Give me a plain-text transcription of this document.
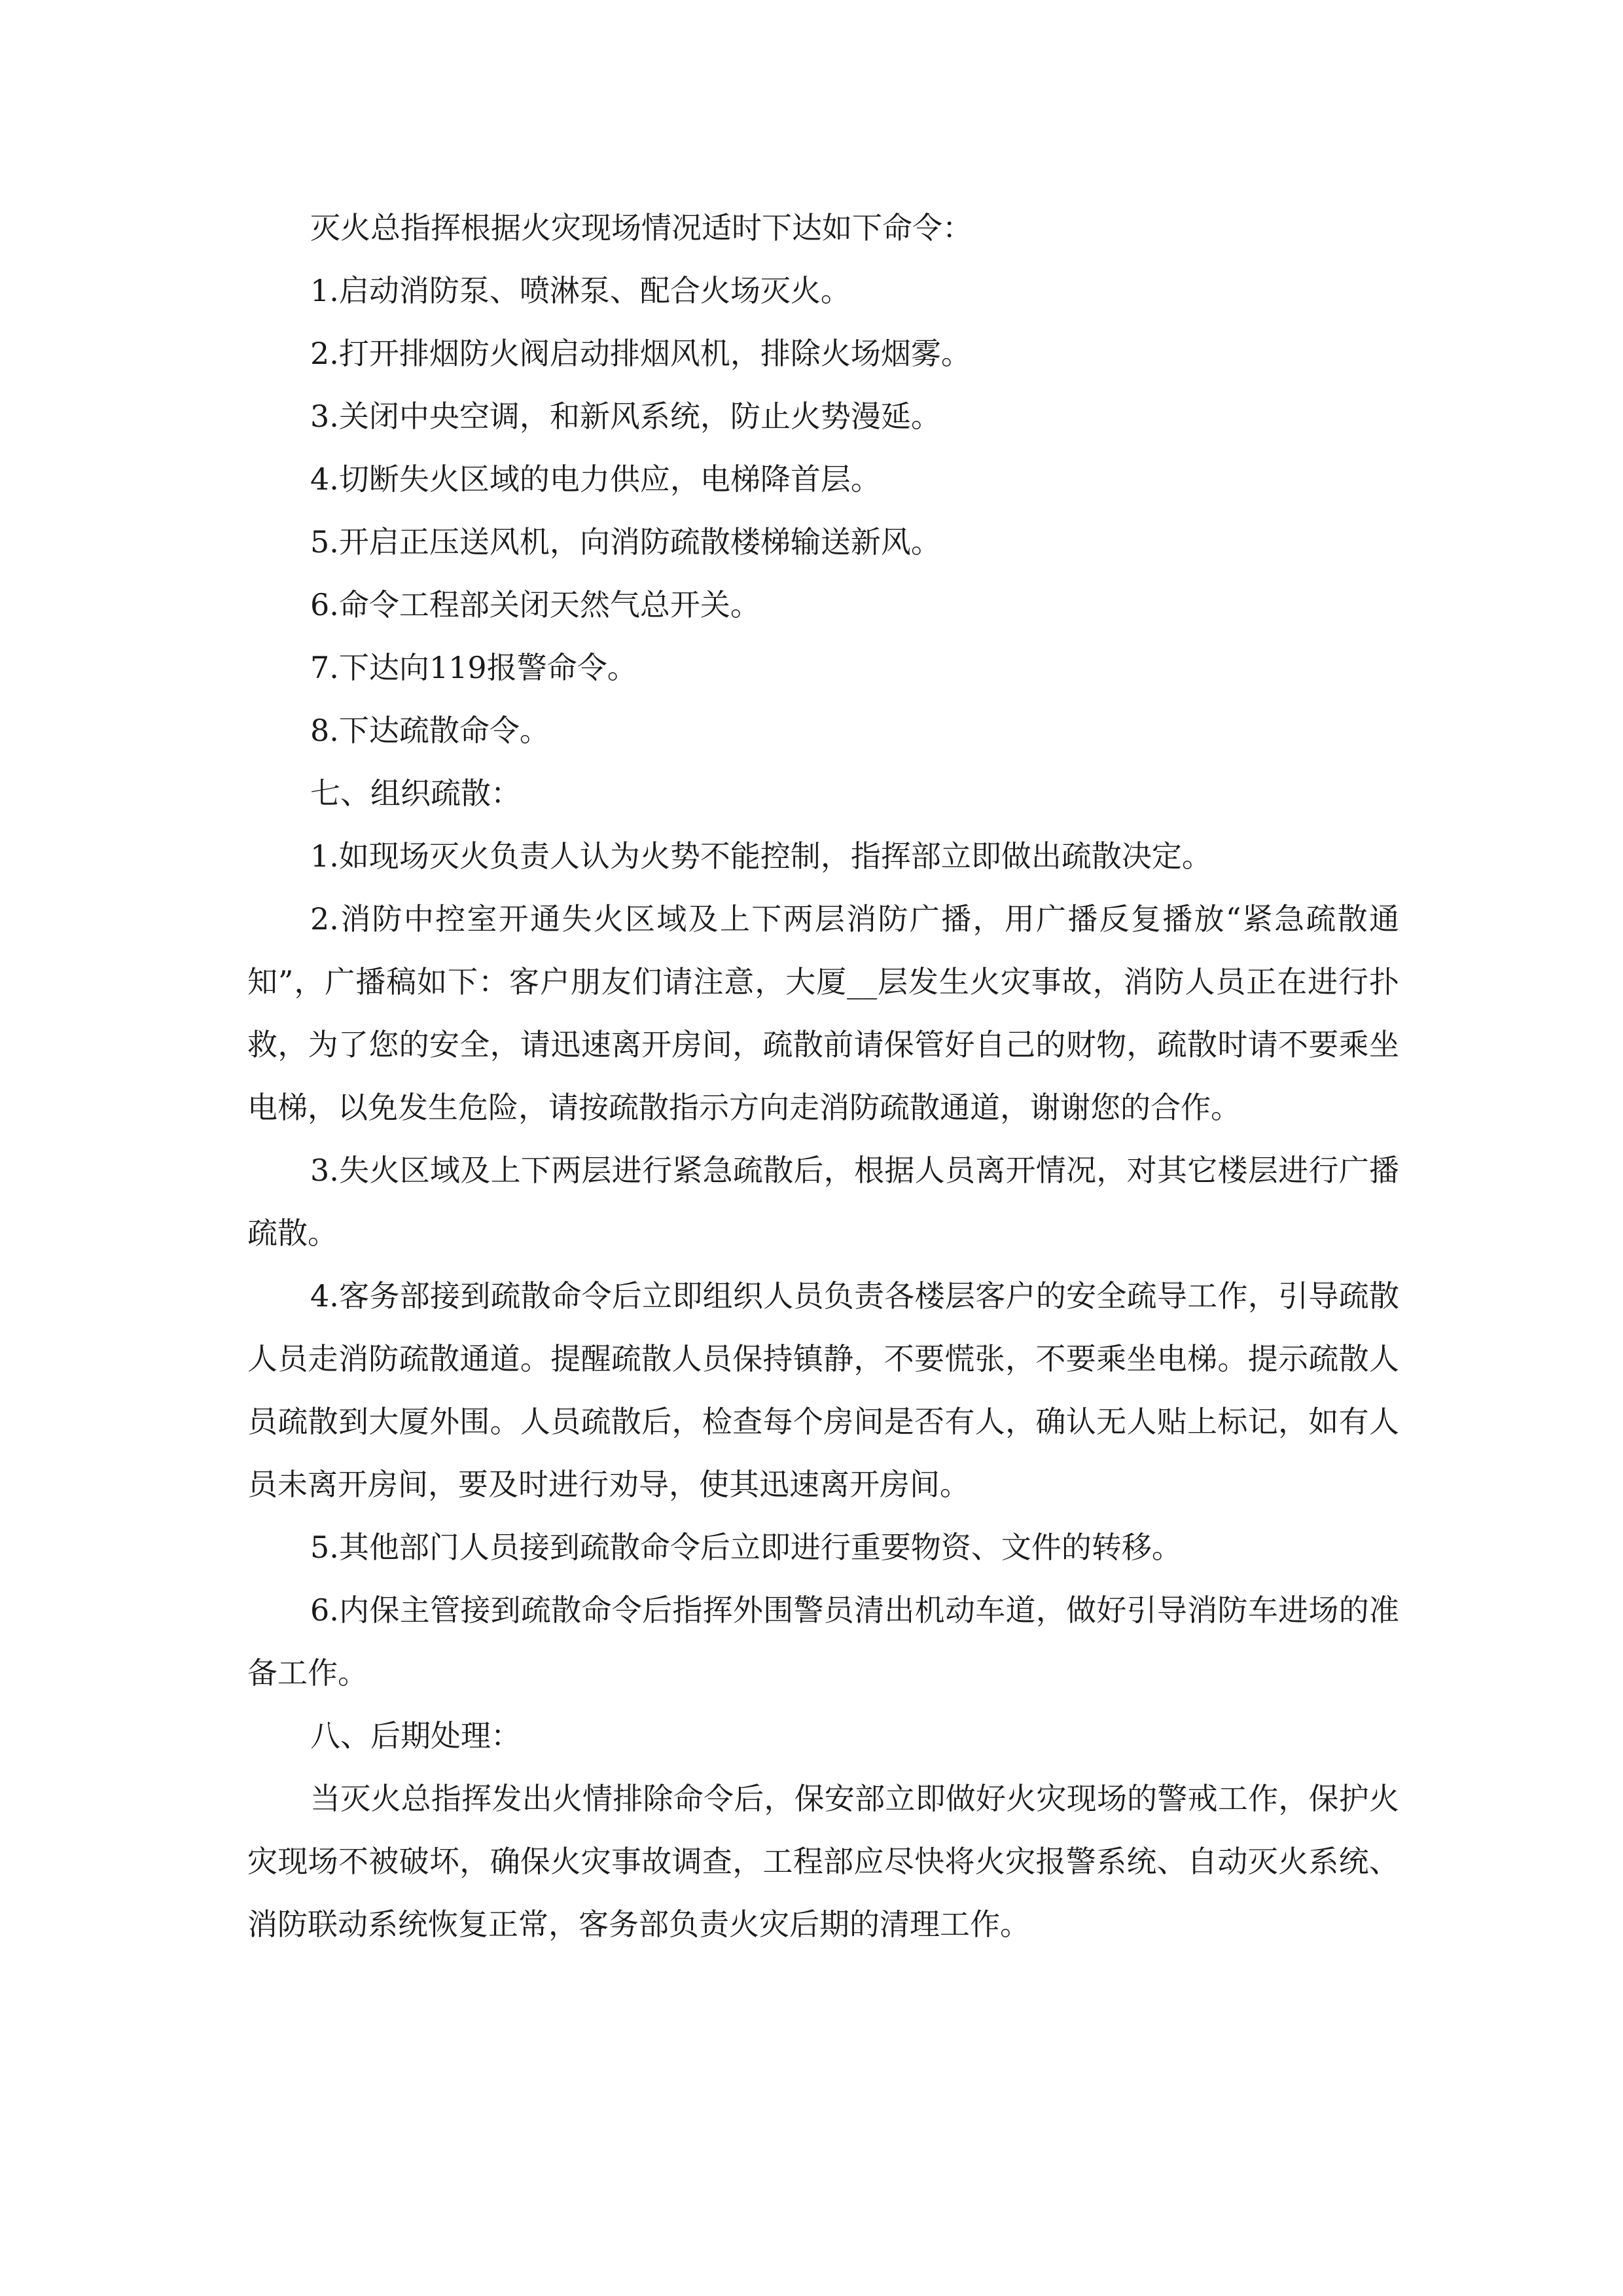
灭火总指挥根据火灾现场情况适时下达如下命令：

1.启动消防泵、喷淋泵、配合火场灭火。

2.打开排烟防火阀启动排烟风机，排除火场烟雾。

3.关闭中央空调，和新风系统，防止火势漫延。

4.切断失火区域的电力供应，电梯降首层。

5.开启正压送风机，向消防疏散楼梯输送新风。

6.命令工程部关闭天然气总开关。

7.下达向119报警命令。

8.下达疏散命令。

七、组织疏散：

1.如现场灭火负责人认为火势不能控制，指挥部立即做出疏散决定。

2.消防中控室开通失火区域及上下两层消防广播，用广播反复播放“紧急疏散通知”，广播稿如下：客户朋友们请注意，大厦__层发生火灾事故，消防人员正在进行扑救，为了您的安全，请迅速离开房间，疏散前请保管好自己的财物，疏散时请不要乘坐电梯，以免发生危险，请按疏散指示方向走消防疏散通道，谢谢您的合作。

3.失火区域及上下两层进行紧急疏散后，根据人员离开情况，对其它楼层进行广播疏散。

4.客务部接到疏散命令后立即组织人员负责各楼层客户的安全疏导工作，引导疏散人员走消防疏散通道。提醒疏散人员保持镇静，不要慌张，不要乘坐电梯。提示疏散人员疏散到大厦外围。人员疏散后，检查每个房间是否有人，确认无人贴上标记，如有人员未离开房间，要及时进行劝导，使其迅速离开房间。

5.其他部门人员接到疏散命令后立即进行重要物资、文件的转移。

6.内保主管接到疏散命令后指挥外围警员清出机动车道，做好引导消防车进场的准备工作。

八、后期处理：

当灭火总指挥发出火情排除命令后，保安部立即做好火灾现场的警戒工作，保护火灾现场不被破坏，确保火灾事故调查，工程部应尽快将火灾报警系统、自动灭火系统、消防联动系统恢复正常，客务部负责火灾后期的清理工作。
